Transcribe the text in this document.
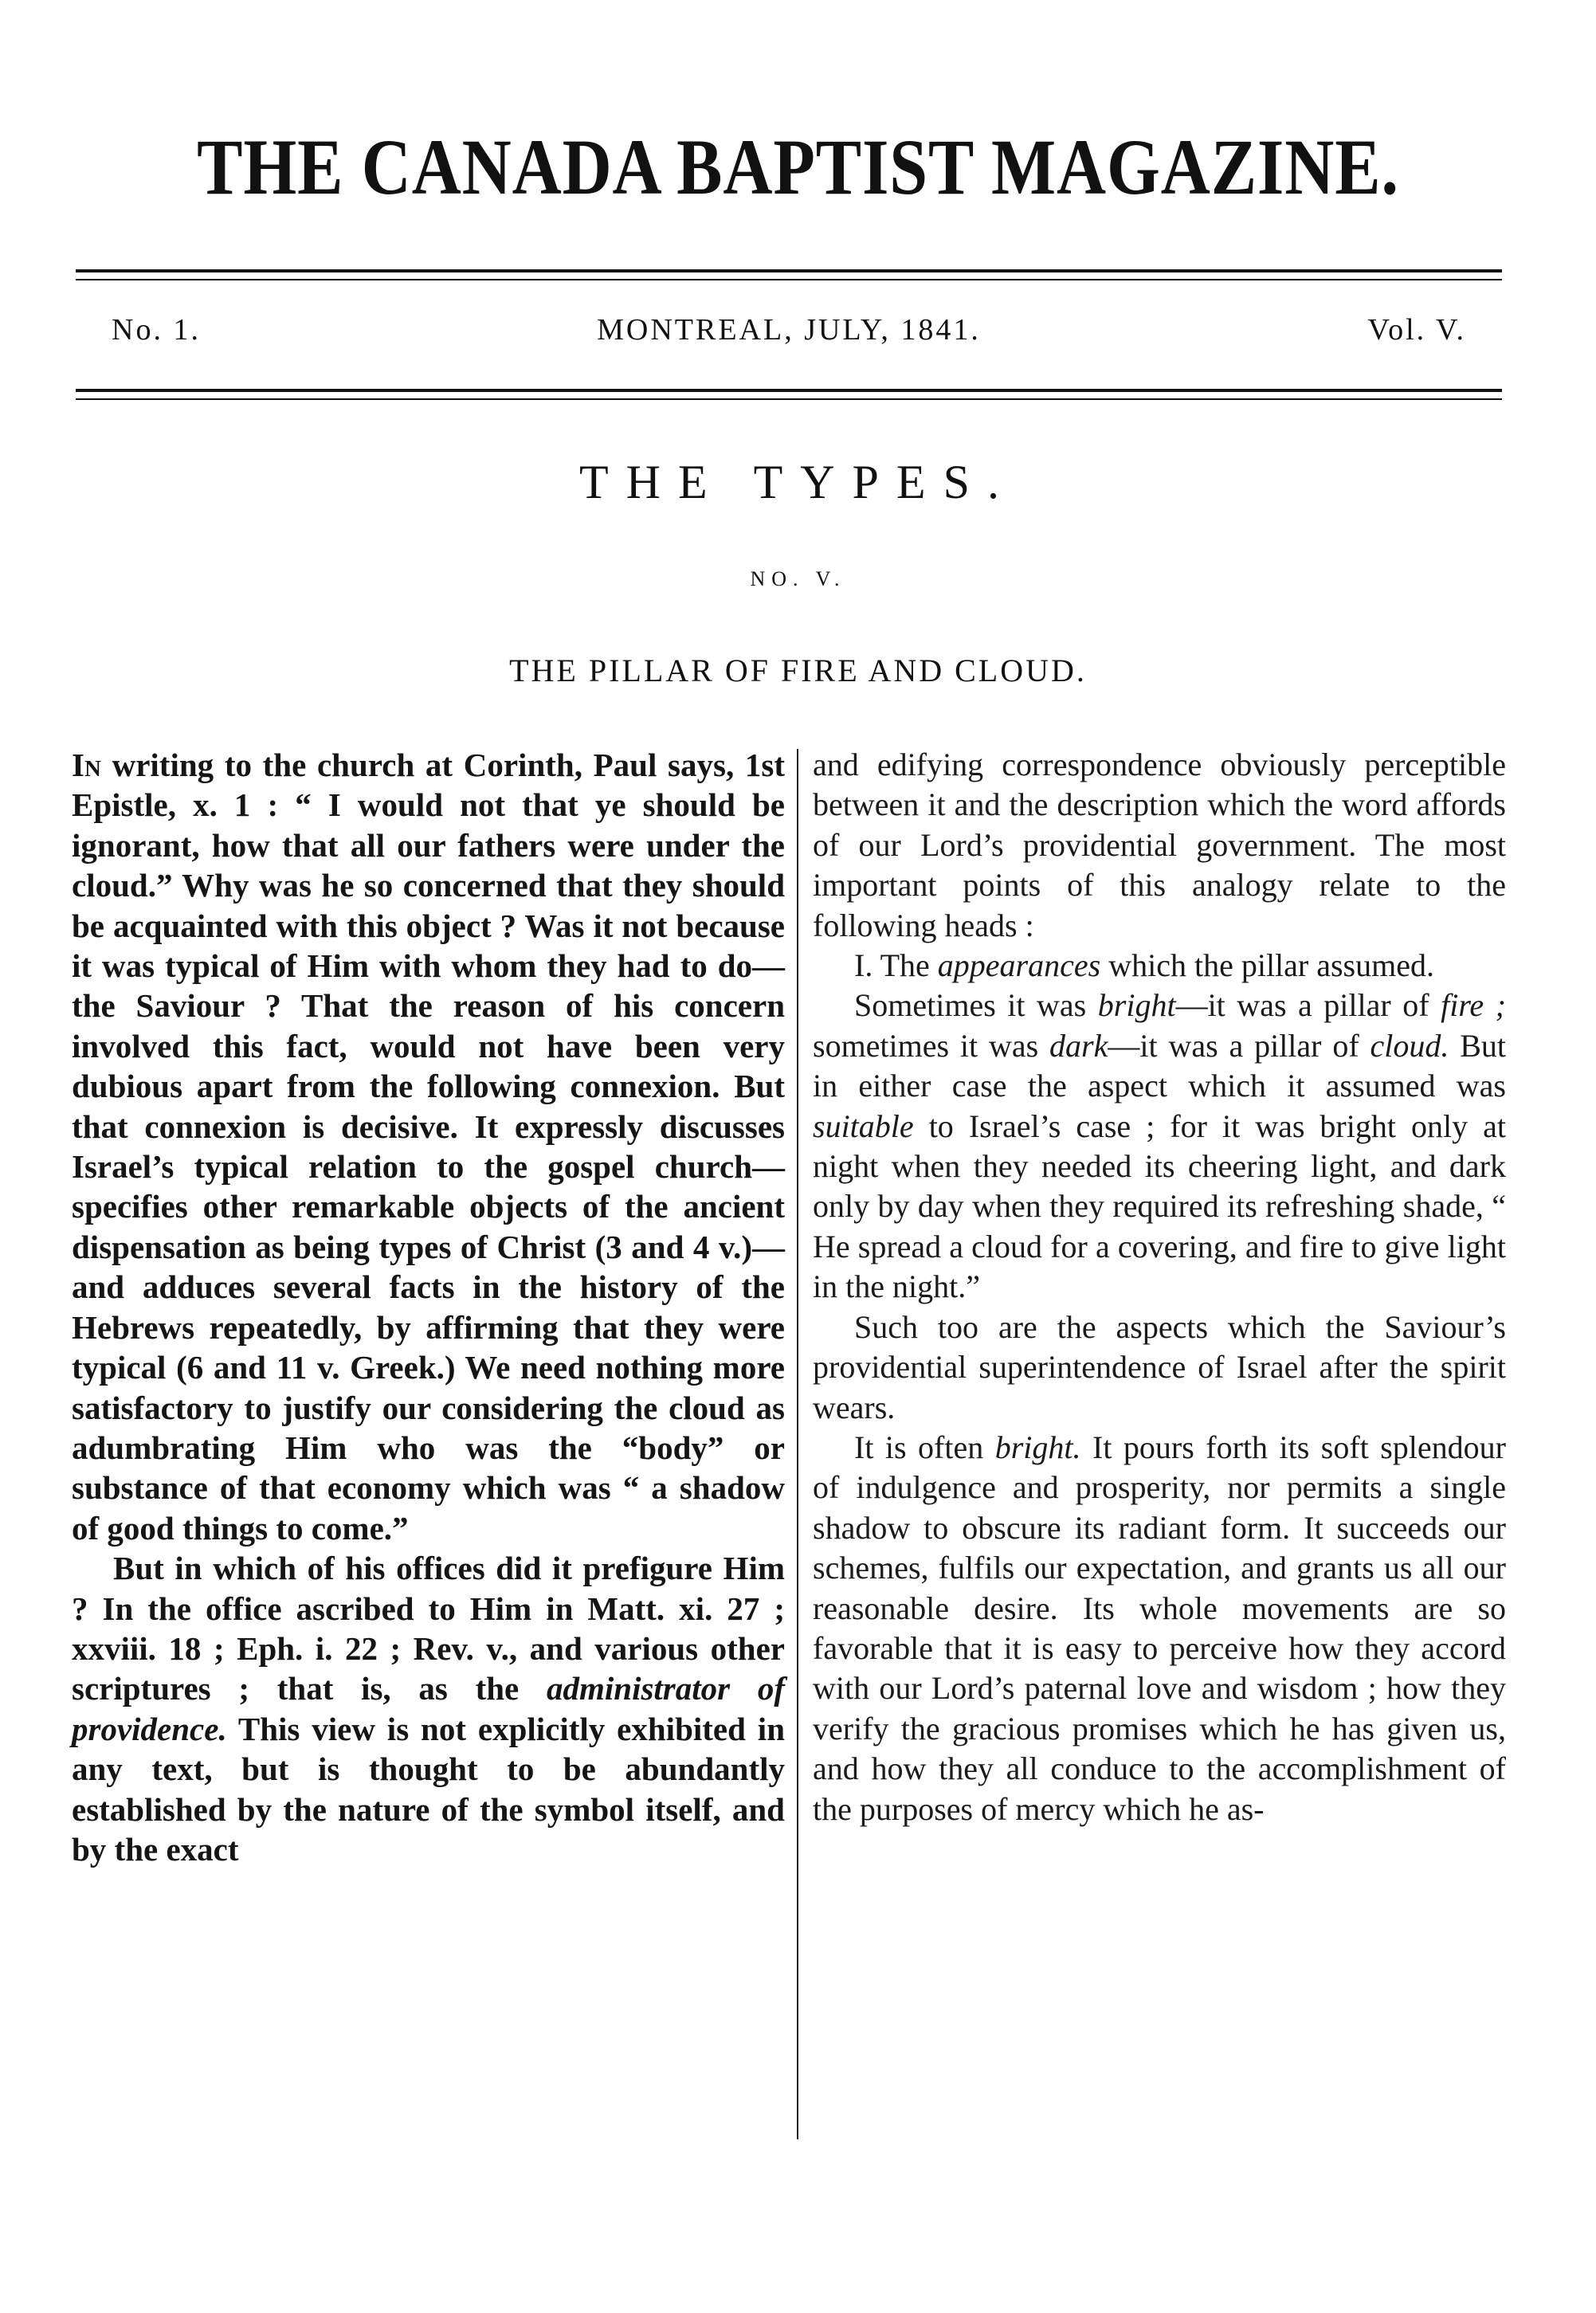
THE CANADA BAPTIST MAGAZINE.
No. 1.	MONTREAL, JULY, 1841.	Vol. V.
THE TYPES.
NO. V.
THE PILLAR OF FIRE AND CLOUD.

In writing to the church at Corinth, Paul says, 1st Epistle, x. 1 : “ I would not that ye should be ignorant, how that all our fathers were under the cloud.” Why was he so concerned that they should be acquainted with this object ? Was it not because it was typical of Him with whom they had to do—the Saviour ? That the reason of his concern involved this fact, would not have been very dubious apart from the following connexion. But that connexion is decisive. It expressly discusses Israel’s typical relation to the gospel church—specifies other remarkable objects of the ancient dispensation as being types of Christ (3 and 4 v.)—and adduces several facts in the history of the Hebrews repeatedly, by affirming that they were typical (6 and 11 v. Greek.) We need nothing more satisfactory to justify our considering the cloud as adumbrating Him who was the “body” or substance of that economy which was “ a shadow of good things to come.”

But in which of his offices did it prefigure Him ? In the office ascribed to Him in Matt. xi. 27 ; xxviii. 18 ; Eph. i. 22 ; Rev. v., and various other scriptures ; that is, as the administrator of providence. This view is not explicitly exhibited in any text, but is thought to be abundantly established by the nature of the symbol itself, and by the exact

and edifying correspondence obviously perceptible between it and the description which the word affords of our Lord’s providential government. The most important points of this analogy relate to the following heads :

I. The appearances which the pillar assumed.

Sometimes it was bright—it was a pillar of fire ; sometimes it was dark—it was a pillar of cloud. But in either case the aspect which it assumed was suitable to Israel’s case ; for it was bright only at night when they needed its cheering light, and dark only by day when they required its refreshing shade, “ He spread a cloud for a covering, and fire to give light in the night.”

Such too are the aspects which the Saviour’s providential superintendence of Israel after the spirit wears.

It is often bright. It pours forth its soft splendour of indulgence and prosperity, nor permits a single shadow to obscure its radiant form. It succeeds our schemes, fulfils our expectation, and grants us all our reasonable desire. Its whole movements are so favorable that it is easy to perceive how they accord with our Lord’s paternal love and wisdom ; how they verify the gracious promises which he has given us, and how they all conduce to the accomplishment of the purposes of mercy which he as-
